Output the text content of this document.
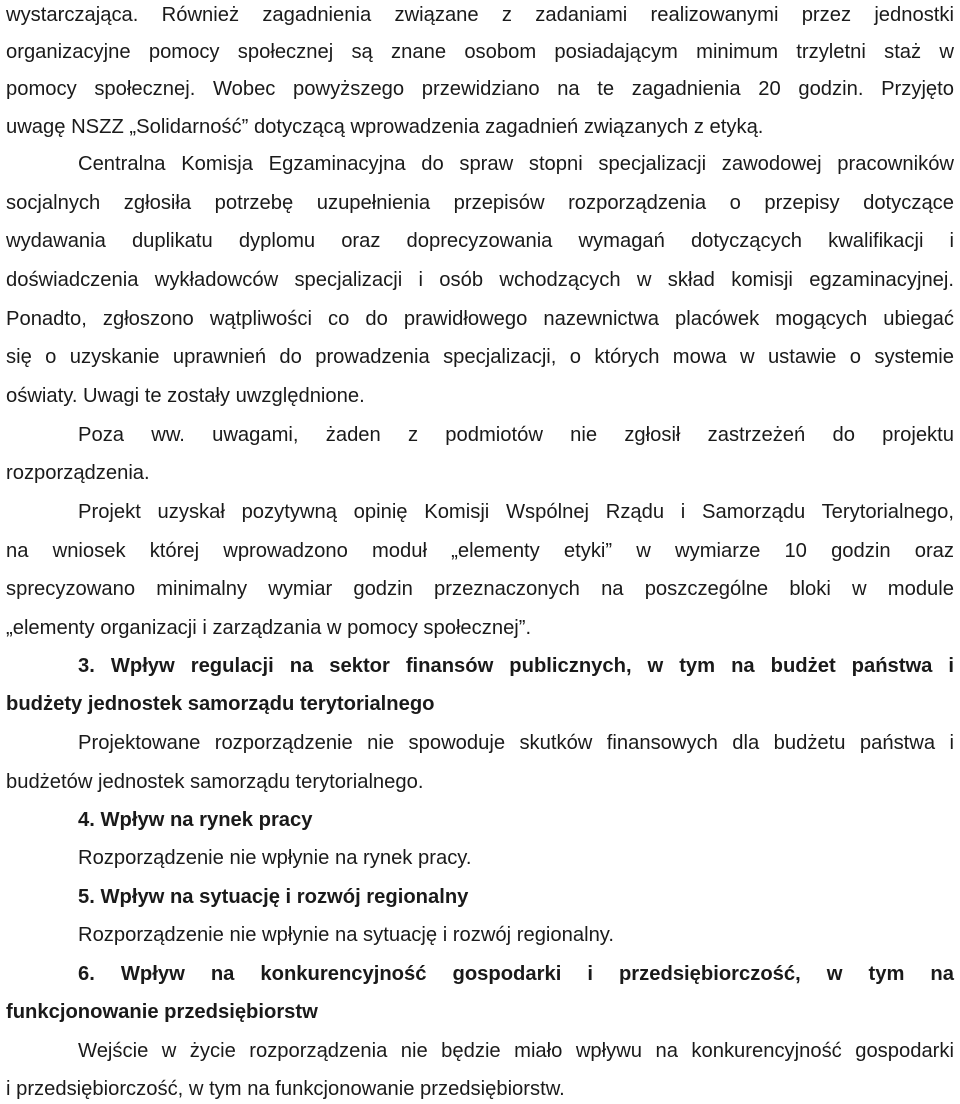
wystarczająca. Również zagadnienia związane z zadaniami realizowanymi przez jednostki
organizacyjne pomocy społecznej są znane osobom posiadającym minimum trzyletni staż w
pomocy społecznej. Wobec powyższego przewidziano na te zagadnienia 20 godzin. Przyjęto
uwagę NSZZ „Solidarność” dotyczącą wprowadzenia zagadnień związanych z etyką.
Centralna Komisja Egzaminacyjna do spraw stopni specjalizacji zawodowej pracowników
socjalnych zgłosiła potrzebę uzupełnienia przepisów rozporządzenia o przepisy dotyczące
wydawania duplikatu dyplomu oraz doprecyzowania wymagań dotyczących kwalifikacji i
doświadczenia wykładowców specjalizacji i osób wchodzących w skład komisji egzaminacyjnej.
Ponadto, zgłoszono wątpliwości co do prawidłowego nazewnictwa placówek mogących ubiegać
się o uzyskanie uprawnień do prowadzenia specjalizacji, o których mowa w ustawie o systemie
oświaty. Uwagi te zostały uwzględnione.
Poza ww. uwagami, żaden z podmiotów nie zgłosił zastrzeżeń do projektu
rozporządzenia.
Projekt uzyskał pozytywną opinię Komisji Wspólnej Rządu i Samorządu Terytorialnego,
na wniosek której wprowadzono moduł „elementy etyki” w wymiarze 10 godzin oraz
sprecyzowano minimalny wymiar godzin przeznaczonych na poszczególne bloki w module
„elementy organizacji i zarządzania w pomocy społecznej”.
3. Wpływ regulacji na sektor finansów publicznych, w tym na budżet państwa i
budżety jednostek samorządu terytorialnego
Projektowane rozporządzenie nie spowoduje skutków finansowych dla budżetu państwa i
budżetów jednostek samorządu terytorialnego.
4. Wpływ na rynek pracy
Rozporządzenie nie wpłynie na rynek pracy.
5. Wpływ na sytuację i rozwój regionalny
Rozporządzenie nie wpłynie na sytuację i rozwój regionalny.
6. Wpływ na konkurencyjność gospodarki i przedsiębiorczość, w tym na
funkcjonowanie przedsiębiorstw
Wejście w życie rozporządzenia nie będzie miało wpływu na konkurencyjność gospodarki
i przedsiębiorczość, w tym na funkcjonowanie przedsiębiorstw.
